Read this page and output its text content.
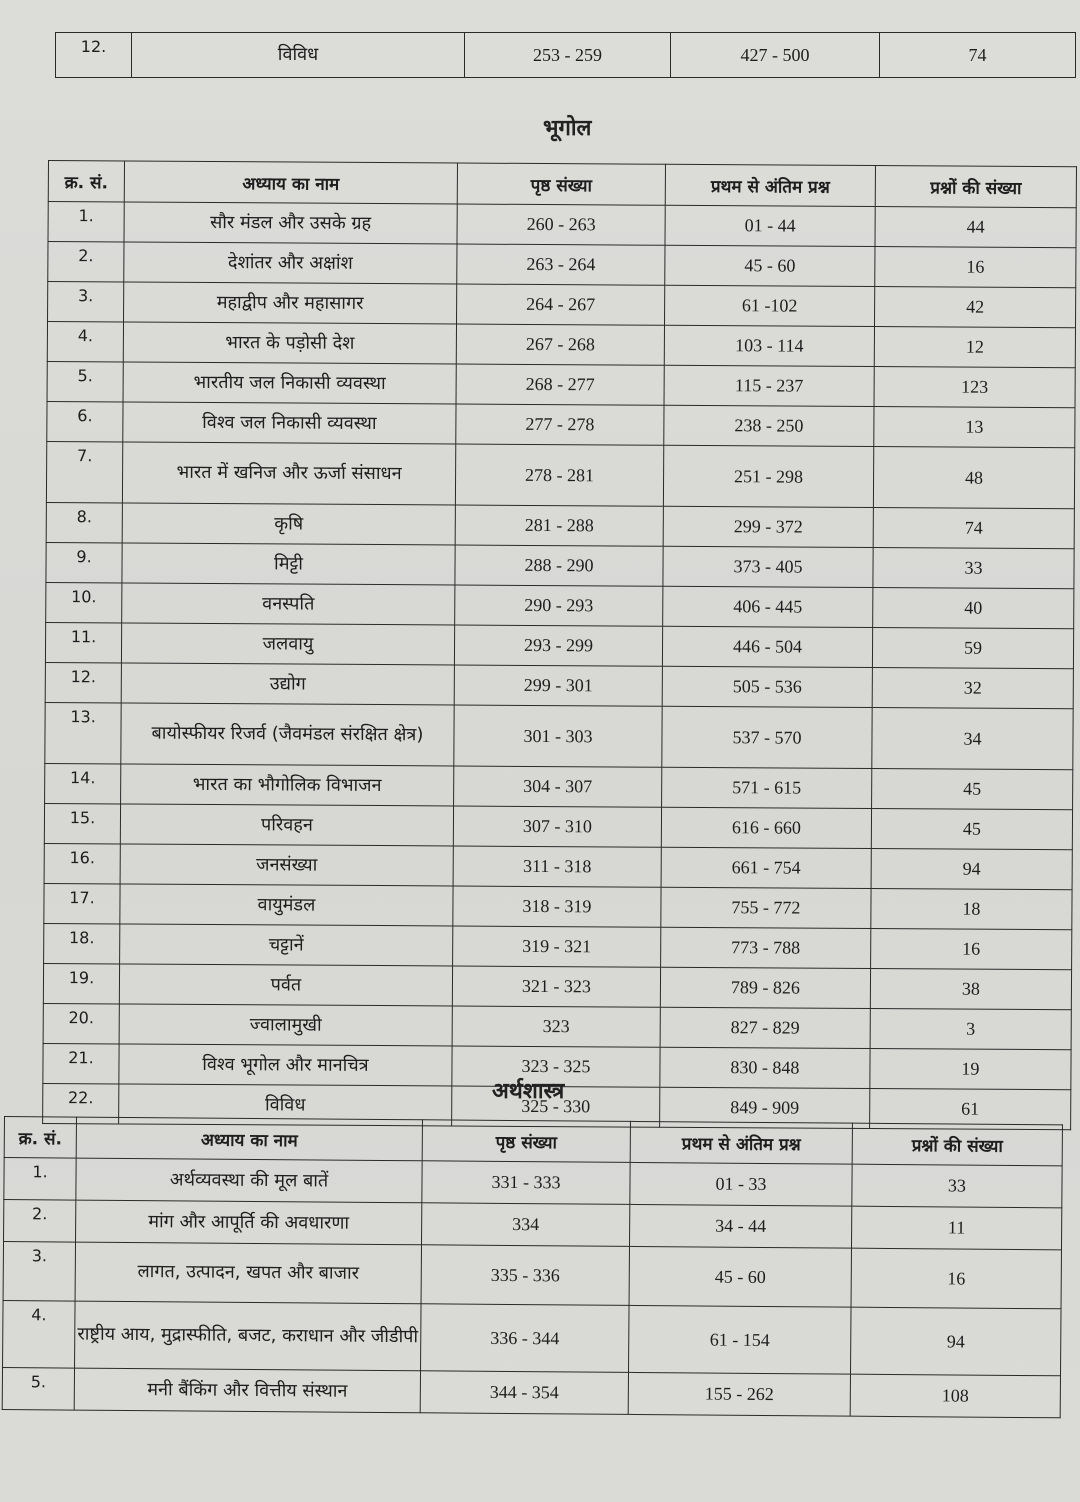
12.	विविध	253 - 259	427 - 500	74
भूगोल
क्र. सं.	अध्याय का नाम	पृष्ठ संख्या	प्रथम से अंतिम प्रश्न	प्रश्नों की संख्या
1.	सौर मंडल और उसके ग्रह	260 - 263	01 - 44	44
2.	देशांतर और अक्षांश	263 - 264	45 - 60	16
3.	महाद्वीप और महासागर	264 - 267	61 -102	42
4.	भारत के पड़ोसी देश	267 - 268	103 - 114	12
5.	भारतीय जल निकासी व्यवस्था	268 - 277	115 - 237	123
6.	विश्व जल निकासी व्यवस्था	277 - 278	238 - 250	13
7.	भारत में खनिज और ऊर्जा संसाधन	278 - 281	251 - 298	48
8.	कृषि	281 - 288	299 - 372	74
9.	मिट्टी	288 - 290	373 - 405	33
10.	वनस्पति	290 - 293	406 - 445	40
11.	जलवायु	293 - 299	446 - 504	59
12.	उद्योग	299 - 301	505 - 536	32
13.	बायोस्फीयर रिजर्व (जैवमंडल संरक्षित क्षेत्र)	301 - 303	537 - 570	34
14.	भारत का भौगोलिक विभाजन	304 - 307	571 - 615	45
15.	परिवहन	307 - 310	616 - 660	45
16.	जनसंख्या	311 - 318	661 - 754	94
17.	वायुमंडल	318 - 319	755 - 772	18
18.	चट्टानें	319 - 321	773 - 788	16
19.	पर्वत	321 - 323	789 - 826	38
20.	ज्वालामुखी	323	827 - 829	3
21.	विश्व भूगोल और मानचित्र	323 - 325	830 - 848	19
22.	विविध	325 - 330	849 - 909	61
अर्थशास्त्र
क्र. सं.	अध्याय का नाम	पृष्ठ संख्या	प्रथम से अंतिम प्रश्न	प्रश्नों की संख्या
1.	अर्थव्यवस्था की मूल बातें	331 - 333	01 - 33	33
2.	मांग और आपूर्ति की अवधारणा	334	34 - 44	11
3.	लागत, उत्पादन, खपत और बाजार	335 - 336	45 - 60	16
4.	राष्ट्रीय आय, मुद्रास्फीति, बजट, कराधान और जीडीपी	336 - 344	61 - 154	94
5.	मनी बैंकिंग और वित्तीय संस्थान	344 - 354	155 - 262	108
